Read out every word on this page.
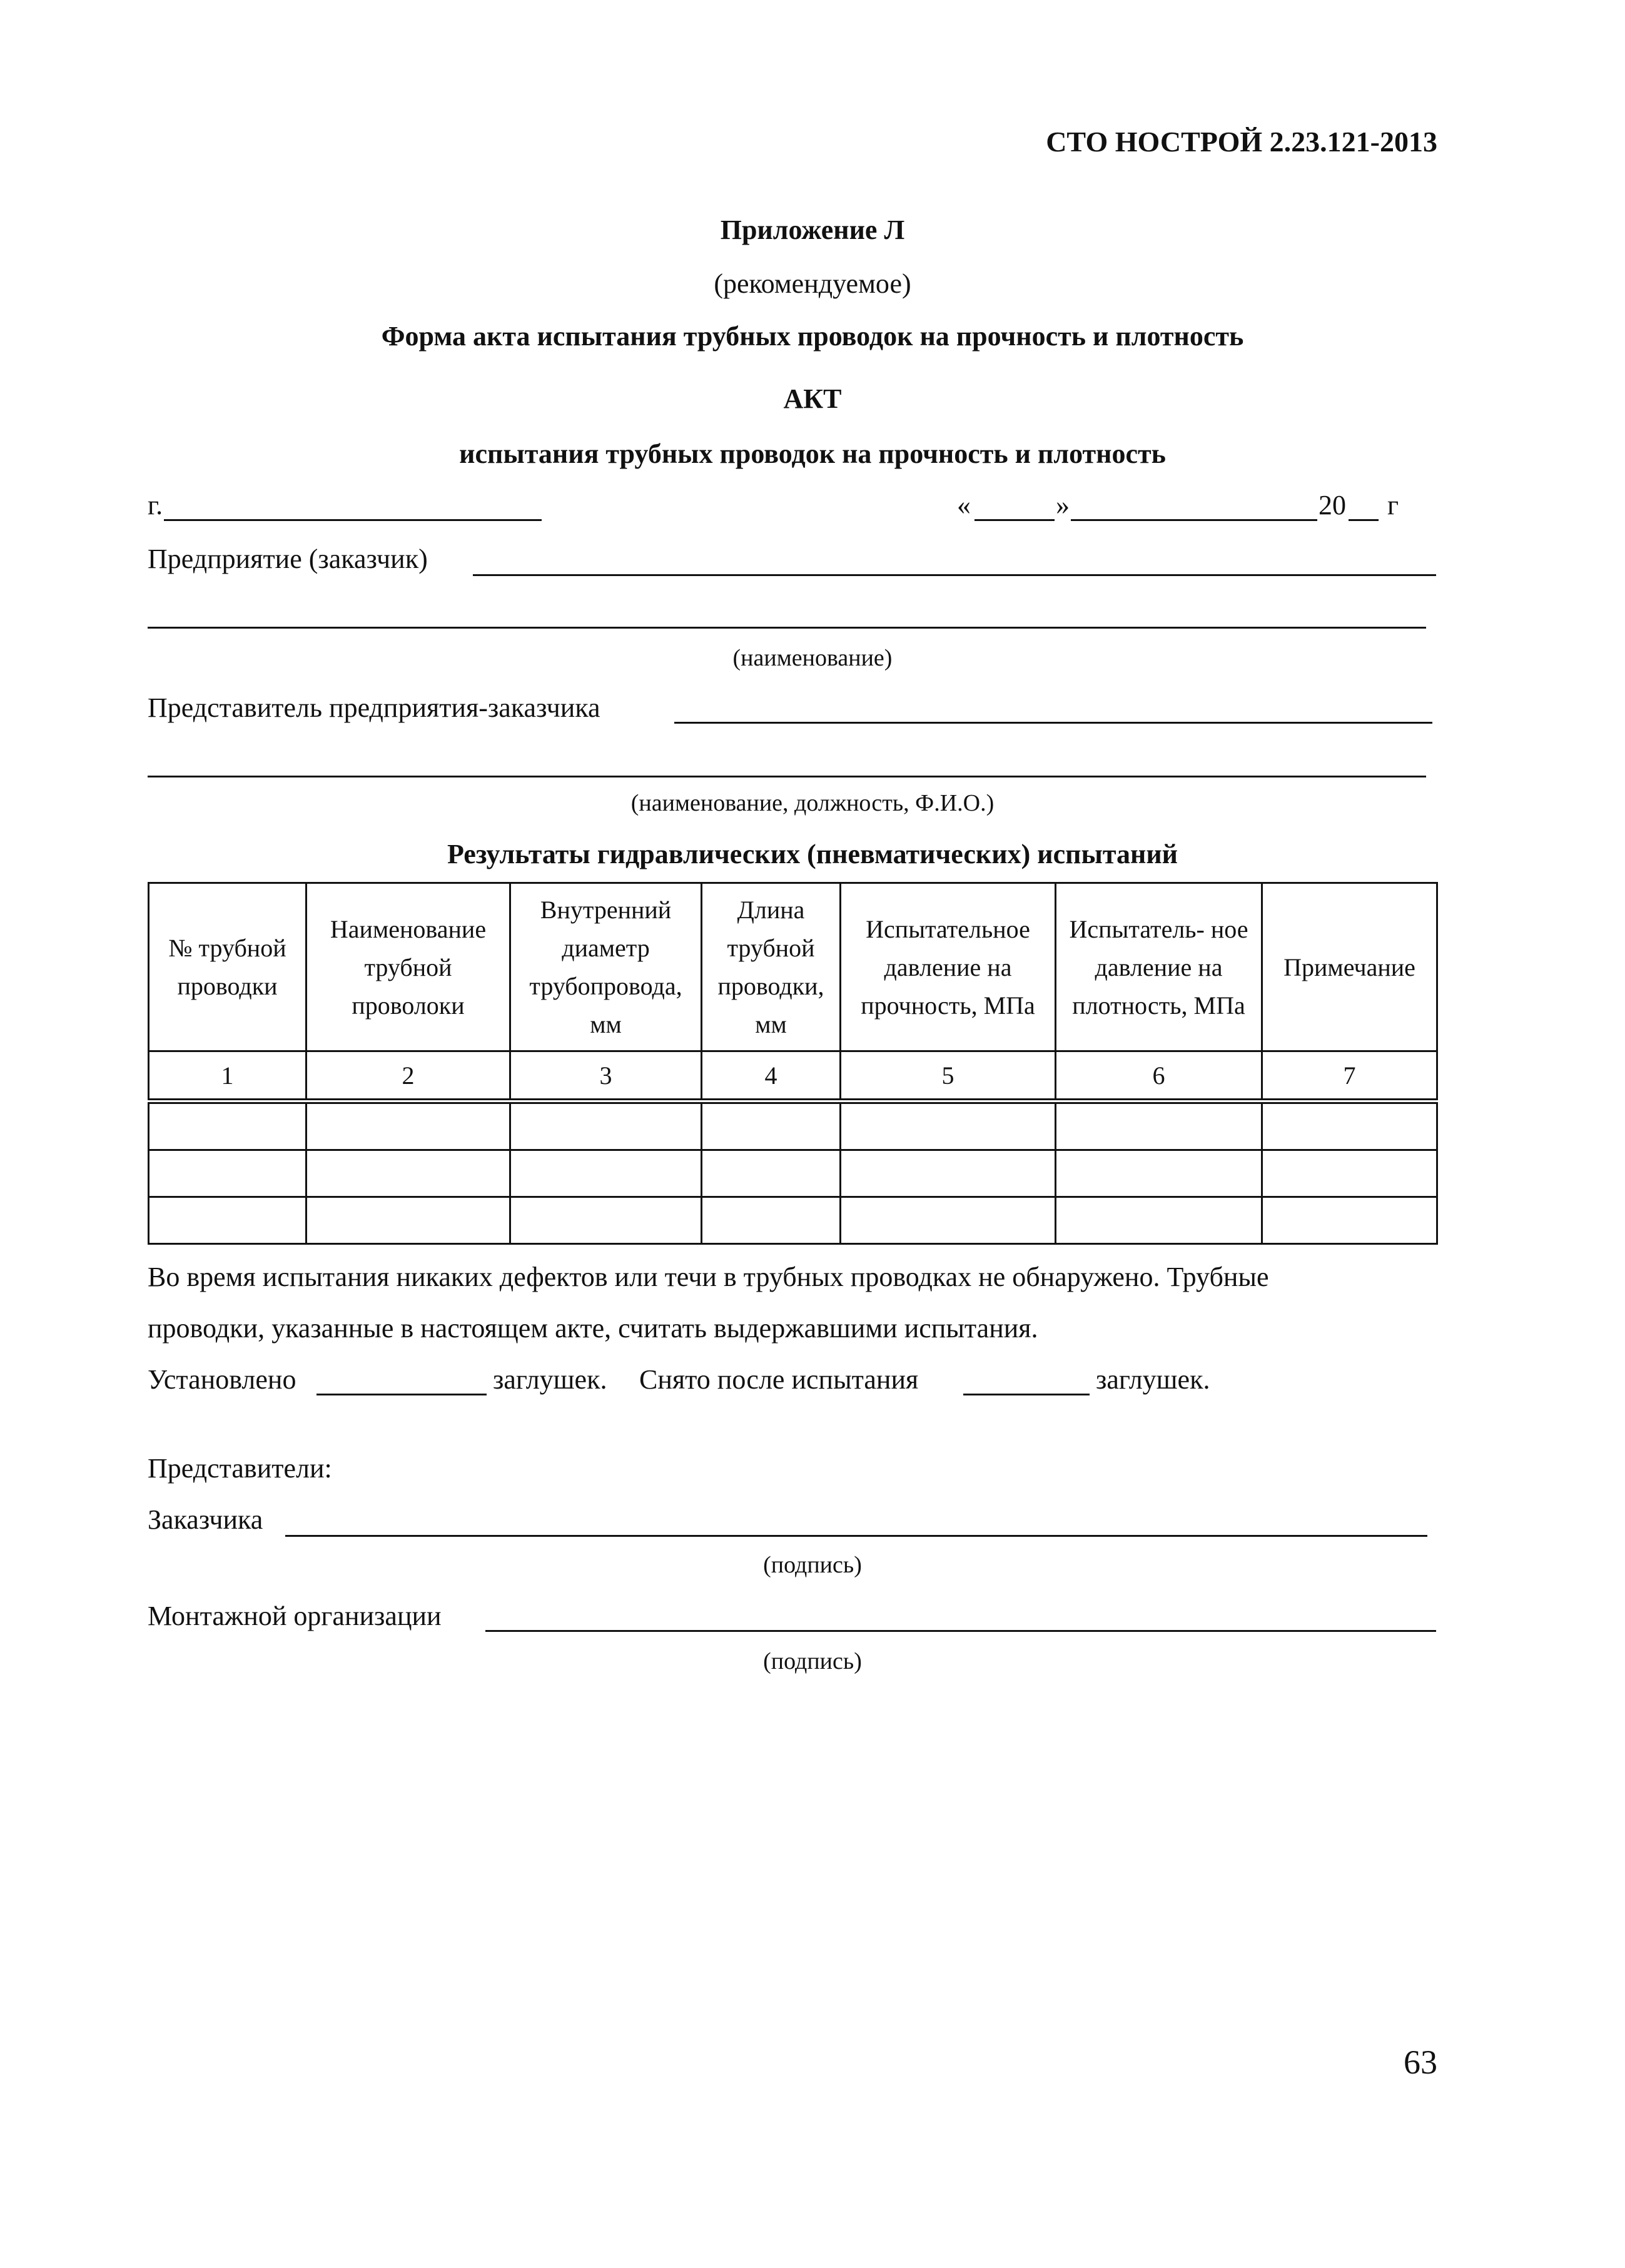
СТО НОСТРОЙ 2.23.121-2013
Приложение Л
(рекомендуемое)
Форма акта испытания трубных проводок на прочность и плотность
АКТ
испытания трубных проводок на прочность и плотность
г.	«	»	20 г
Предприятие (заказчик)
(наименование)
Представитель предприятия-заказчика
(наименование, должность, Ф.И.О.)
Результаты гидравлических (пневматических) испытаний
№ трубной проводки	Наименование трубной проволоки	Внутренний диаметр трубопровода, мм	Длина трубной проводки, мм	Испытательное давление на прочность, МПа	Испытатель- ное давление на плотность, МПа	Примечание
1	2	3	4	5	6	7

Во время испытания никаких дефектов или течи в трубных проводках не обнаружено. Трубные
проводки, указанные в настоящем акте, считать выдержавшими испытания.
Установлено	заглушек. Снято после испытания	заглушек.
Представители:
Заказчика
(подпись)
Монтажной организации
(подпись)
63
